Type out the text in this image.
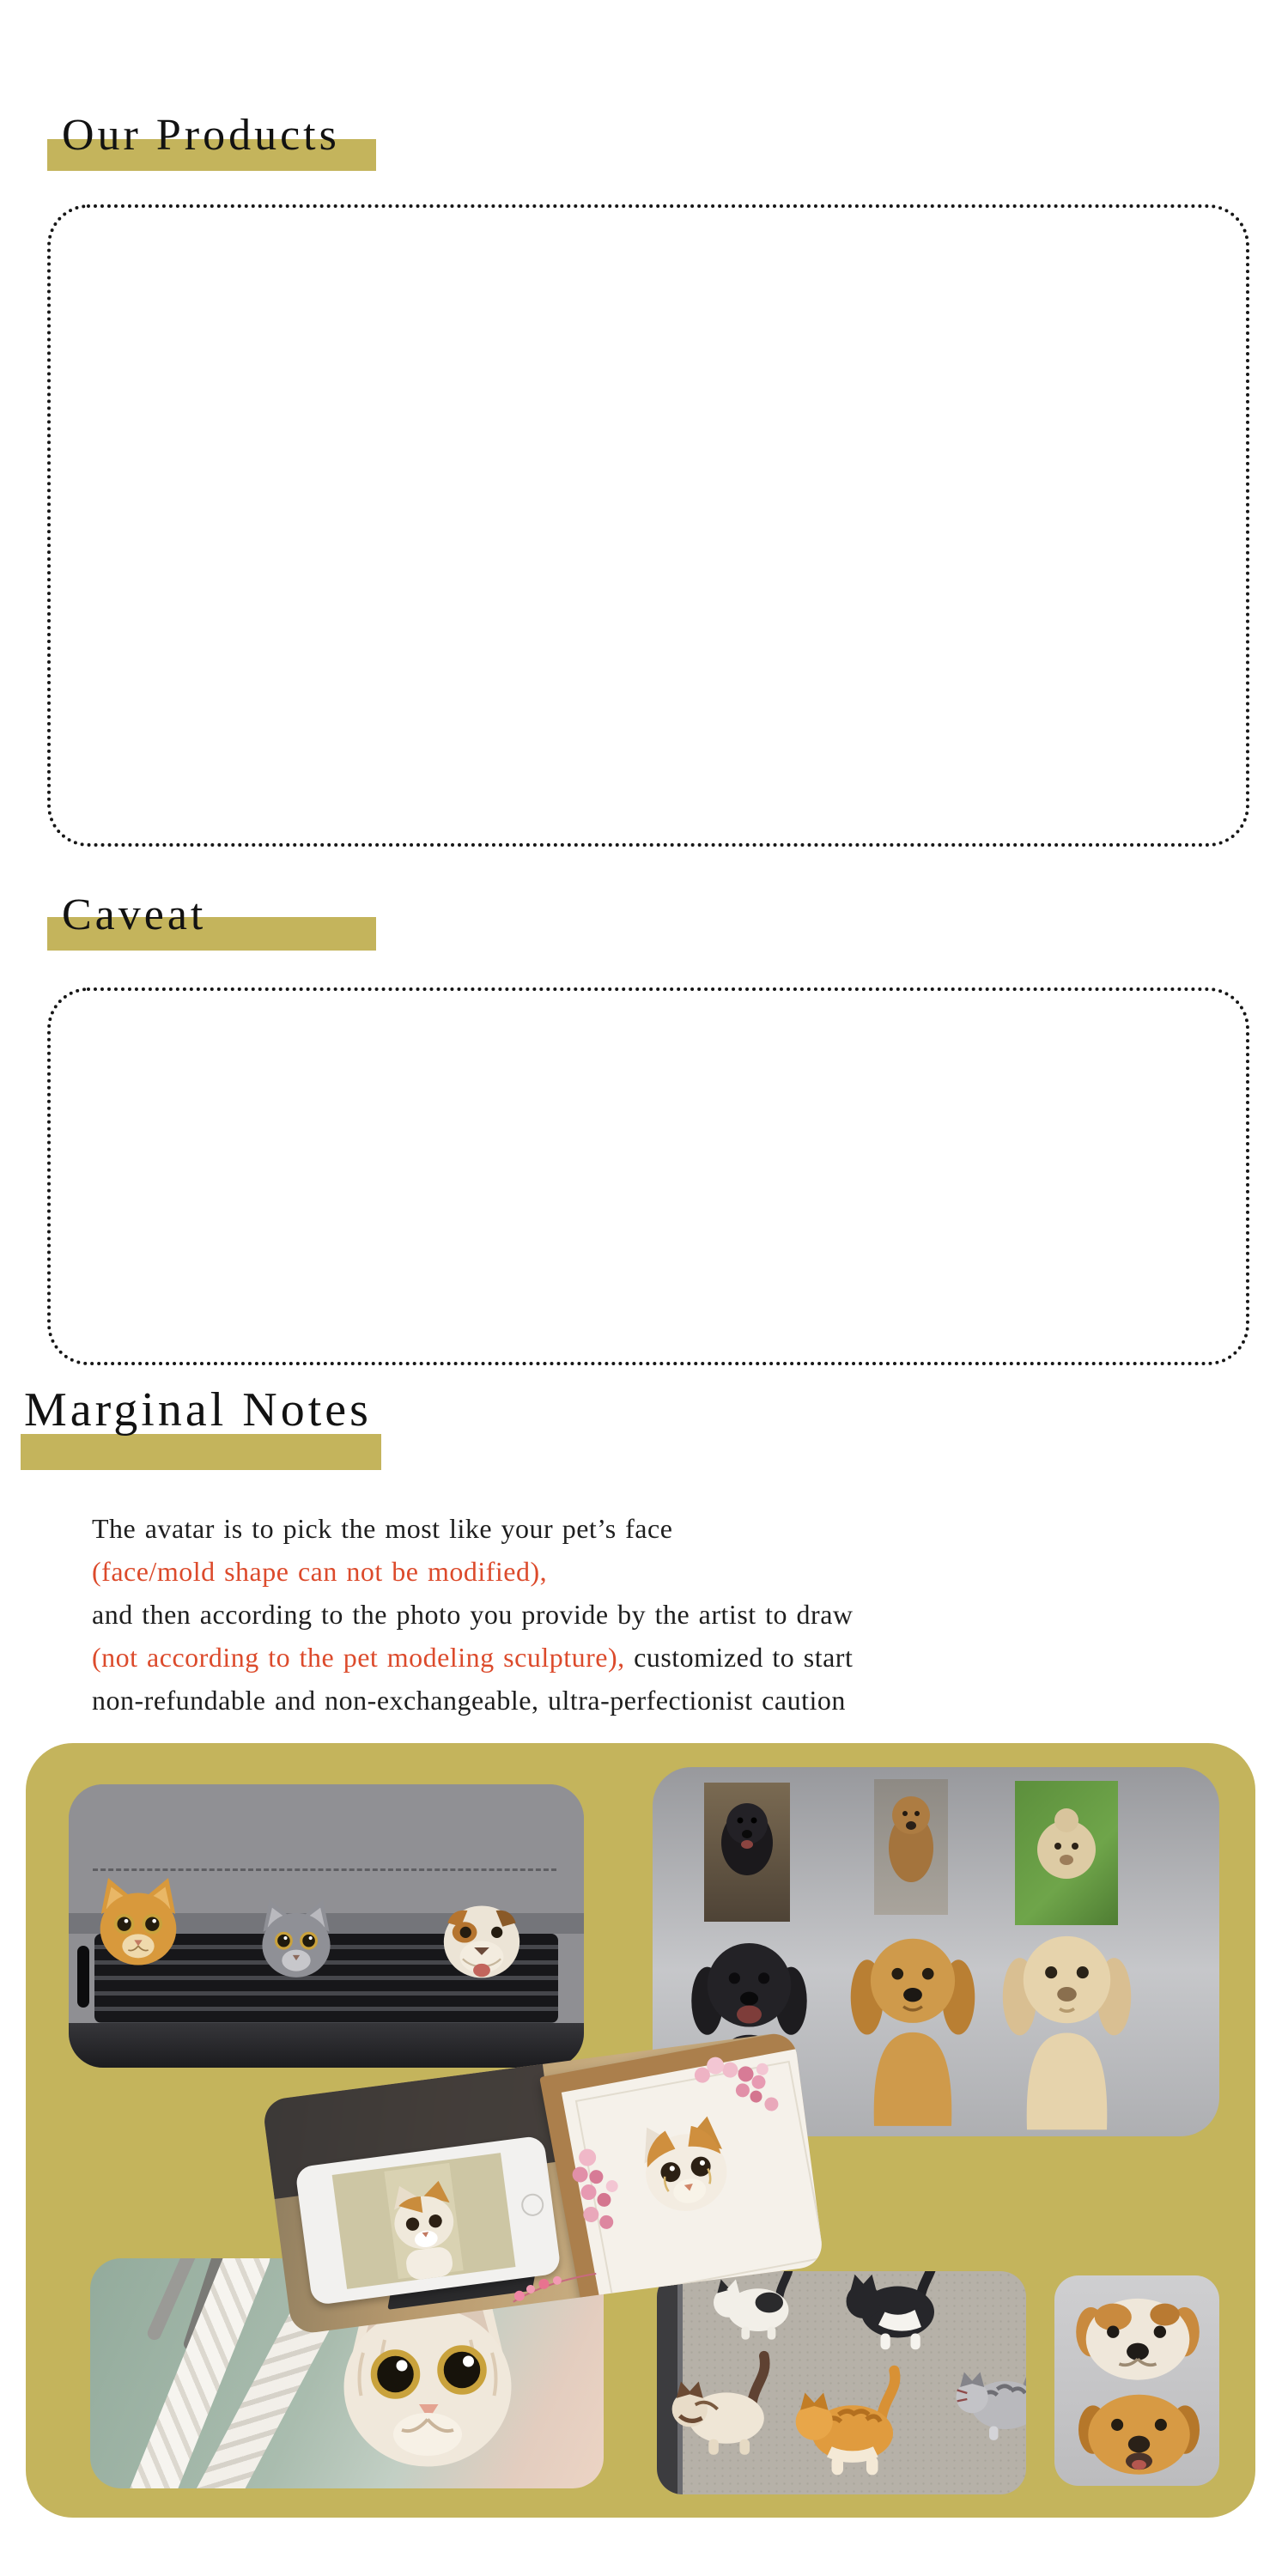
Our Products
Caveat
Marginal Notes
The avatar is to pick the most like your pet’s face
(face/mold shape can not be modified),
and then according to the photo you provide by the artist to draw
(not according to the pet modeling sculpture), customized to start
non-refundable and non-exchangeable, ultra-perfectionist caution
